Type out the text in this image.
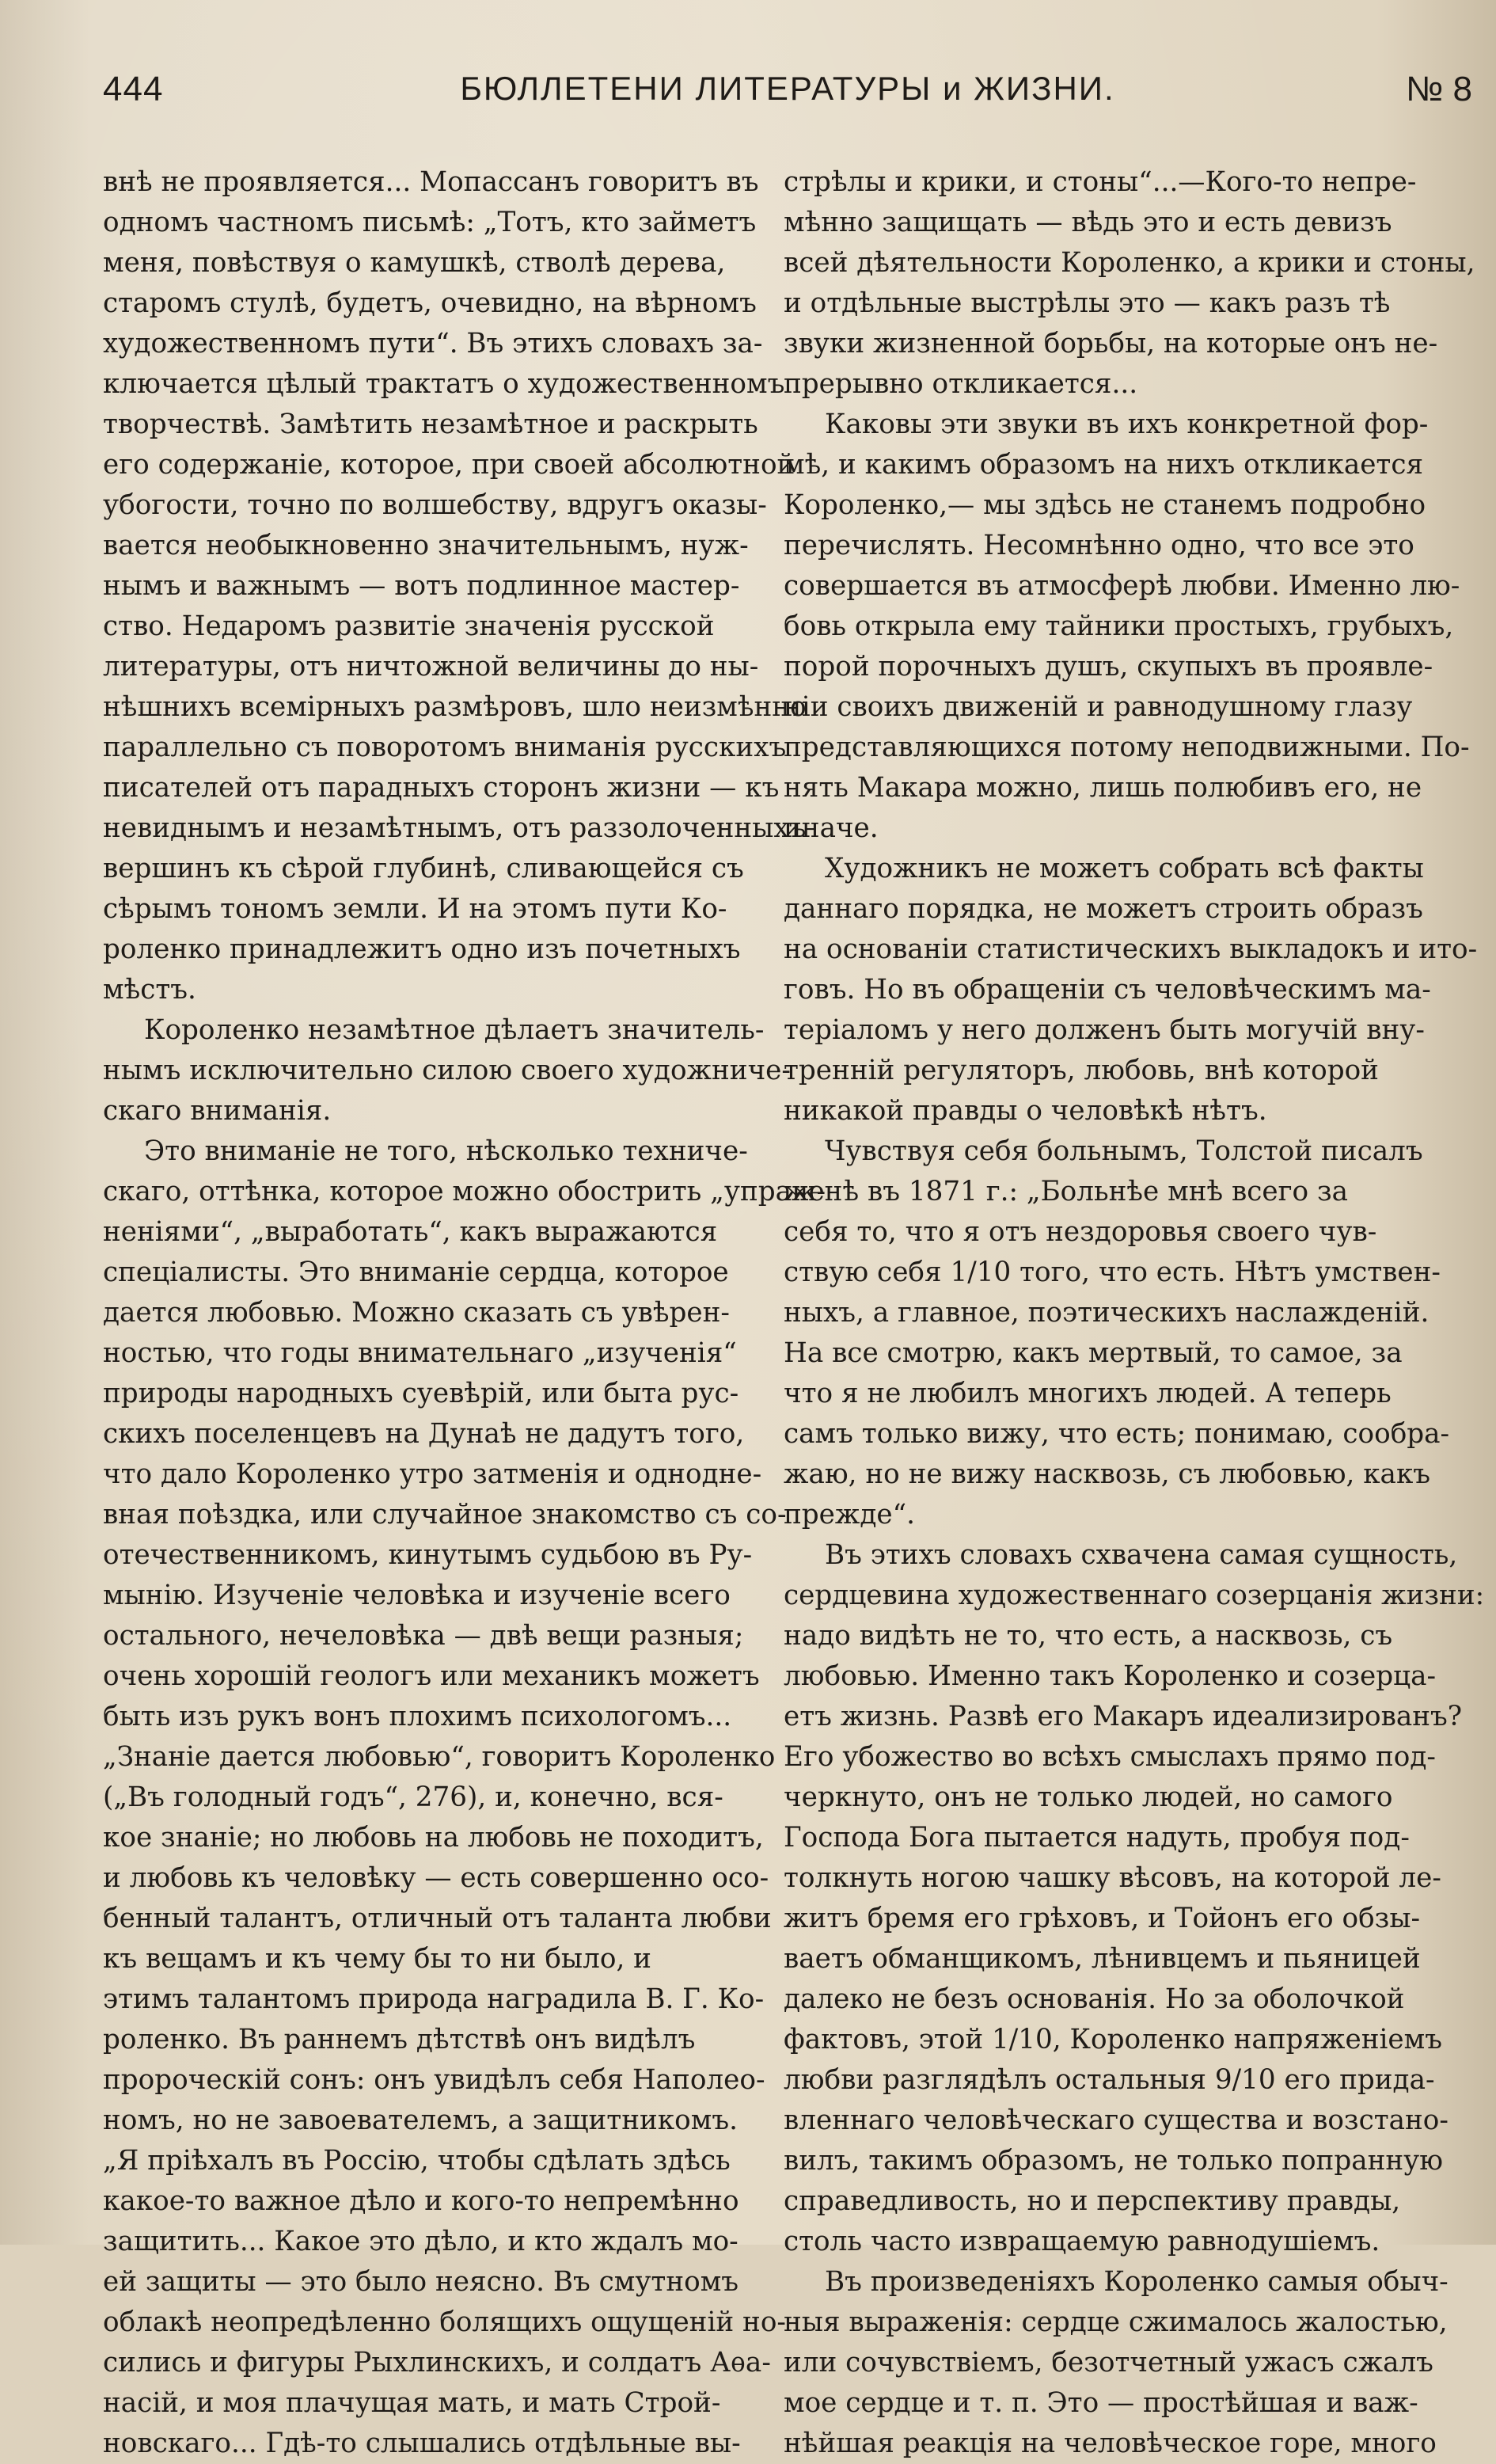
444	БЮЛЛЕТЕНИ ЛИТЕРАТУРЫ и ЖИЗНИ.	№ 8
внѣ не проявляется... Мопассанъ говоритъ въ
одномъ частномъ письмѣ: „Тотъ, кто займетъ
меня, повѣствуя о камушкѣ, стволѣ дерева,
старомъ стулѣ, будетъ, очевидно, на вѣрномъ
художественномъ пути“. Въ этихъ словахъ за-
ключается цѣлый трактатъ о художественномъ
творчествѣ. Замѣтить незамѣтное и раскрыть
его содержаніе, которое, при своей абсолютной
убогости, точно по волшебству, вдругъ оказы-
вается необыкновенно значительнымъ, нуж-
нымъ и важнымъ — вотъ подлинное мастер-
ство. Недаромъ развитіе значенія русской
литературы, отъ ничтожной величины до ны-
нѣшнихъ всемірныхъ размѣровъ, шло неизмѣнно
параллельно съ поворотомъ вниманія русскихъ
писателей отъ парадныхъ сторонъ жизни — къ
невиднымъ и незамѣтнымъ, отъ раззолоченныхъ
вершинъ къ сѣрой глубинѣ, сливающейся съ
сѣрымъ тономъ земли. И на этомъ пути Ко-
роленко принадлежитъ одно изъ почетныхъ
мѣстъ.
Короленко незамѣтное дѣлаетъ значитель-
нымъ исключительно силою своего художниче-
скаго вниманія.
Это вниманіе не того, нѣсколько техниче-
скаго, оттѣнка, которое можно обострить „упраж-
неніями“, „выработать“, какъ выражаются
спеціалисты. Это вниманіе сердца, которое
дается любовью. Можно сказать съ увѣрен-
ностью, что годы внимательнаго „изученія“
природы народныхъ суевѣрій, или быта рус-
скихъ поселенцевъ на Дунаѣ не дадутъ того,
что дало Короленко утро затменія и однодне-
вная поѣздка, или случайное знакомство съ со-
отечественникомъ, кинутымъ судьбою въ Ру-
мынію. Изученіе человѣка и изученіе всего
остального, нечеловѣка — двѣ вещи разныя;
очень хорошій геологъ или механикъ можетъ
быть изъ рукъ вонъ плохимъ психологомъ...
„Знаніе дается любовью“, говоритъ Короленко
(„Въ голодный годъ“, 276), и, конечно, вся-
кое знаніе; но любовь на любовь не походитъ,
и любовь къ человѣку — есть совершенно осо-
бенный талантъ, отличный отъ таланта любви
къ вещамъ и къ чему бы то ни было, и
этимъ талантомъ природа наградила В. Г. Ко-
роленко. Въ раннемъ дѣтствѣ онъ видѣлъ
пророческій сонъ: онъ увидѣлъ себя Наполео-
номъ, но не завоевателемъ, а защитникомъ.
„Я пріѣхалъ въ Россію, чтобы сдѣлать здѣсь
какое-то важное дѣло и кого-то непремѣнно
защитить... Какое это дѣло, и кто ждалъ мо-
ей защиты — это было неясно. Въ смутномъ
облакѣ неопредѣленно болящихъ ощущеній но-
сились и фигуры Рыхлинскихъ, и солдатъ Аѳа-
насій, и моя плачущая мать, и мать Строй-
новскаго... Гдѣ-то слышались отдѣльные вы-
стрѣлы и крики, и стоны“...—Кого-то непре-
мѣнно защищать — вѣдь это и есть девизъ
всей дѣятельности Короленко, а крики и стоны,
и отдѣльные выстрѣлы это — какъ разъ тѣ
звуки жизненной борьбы, на которые онъ не-
прерывно откликается...
Каковы эти звуки въ ихъ конкретной фор-
мѣ, и какимъ образомъ на нихъ откликается
Короленко,— мы здѣсь не станемъ подробно
перечислять. Несомнѣнно одно, что все это
совершается въ атмосферѣ любви. Именно лю-
бовь открыла ему тайники простыхъ, грубыхъ,
порой порочныхъ душъ, скупыхъ въ проявле-
ніи своихъ движеній и равнодушному глазу
представляющихся потому неподвижными. По-
нять Макара можно, лишь полюбивъ его, не
иначе.
Художникъ не можетъ собрать всѣ факты
даннаго порядка, не можетъ строить образъ
на основаніи статистическихъ выкладокъ и ито-
говъ. Но въ обращеніи съ человѣческимъ ма-
теріаломъ у него долженъ быть могучій вну-
тренній регуляторъ, любовь, внѣ которой
никакой правды о человѣкѣ нѣтъ.
Чувствуя себя больнымъ, Толстой писалъ
женѣ въ 1871 г.: „Больнѣе мнѣ всего за
себя то, что я отъ нездоровья своего чув-
ствую себя 1/10 того, что есть. Нѣтъ умствен-
ныхъ, а главное, поэтическихъ наслажденій.
На все смотрю, какъ мертвый, то самое, за
что я не любилъ многихъ людей. А теперь
самъ только вижу, что есть; понимаю, сообра-
жаю, но не вижу насквозь, съ любовью, какъ
прежде“.
Въ этихъ словахъ схвачена самая сущность,
сердцевина художественнаго созерцанія жизни:
надо видѣть не то, что есть, а насквозь, съ
любовью. Именно такъ Короленко и созерца-
етъ жизнь. Развѣ его Макаръ идеализированъ?
Его убожество во всѣхъ смыслахъ прямо под-
черкнуто, онъ не только людей, но самого
Господа Бога пытается надуть, пробуя под-
толкнуть ногою чашку вѣсовъ, на которой ле-
житъ бремя его грѣховъ, и Тойонъ его обзы-
ваетъ обманщикомъ, лѣнивцемъ и пьяницей
далеко не безъ основанія. Но за оболочкой
фактовъ, этой 1/10, Короленко напряженіемъ
любви разглядѣлъ остальныя 9/10 его прида-
вленнаго человѣческаго существа и возстано-
вилъ, такимъ образомъ, не только попранную
справедливость, но и перспективу правды,
столь часто извращаемую равнодушіемъ.
Въ произведеніяхъ Короленко самыя обыч-
ныя выраженія: сердце сжималось жалостью,
или сочувствіемъ, безотчетный ужасъ сжалъ
мое сердце и т. п. Это — простѣйшая и важ-
нѣйшая реакція на человѣческое горе, много
